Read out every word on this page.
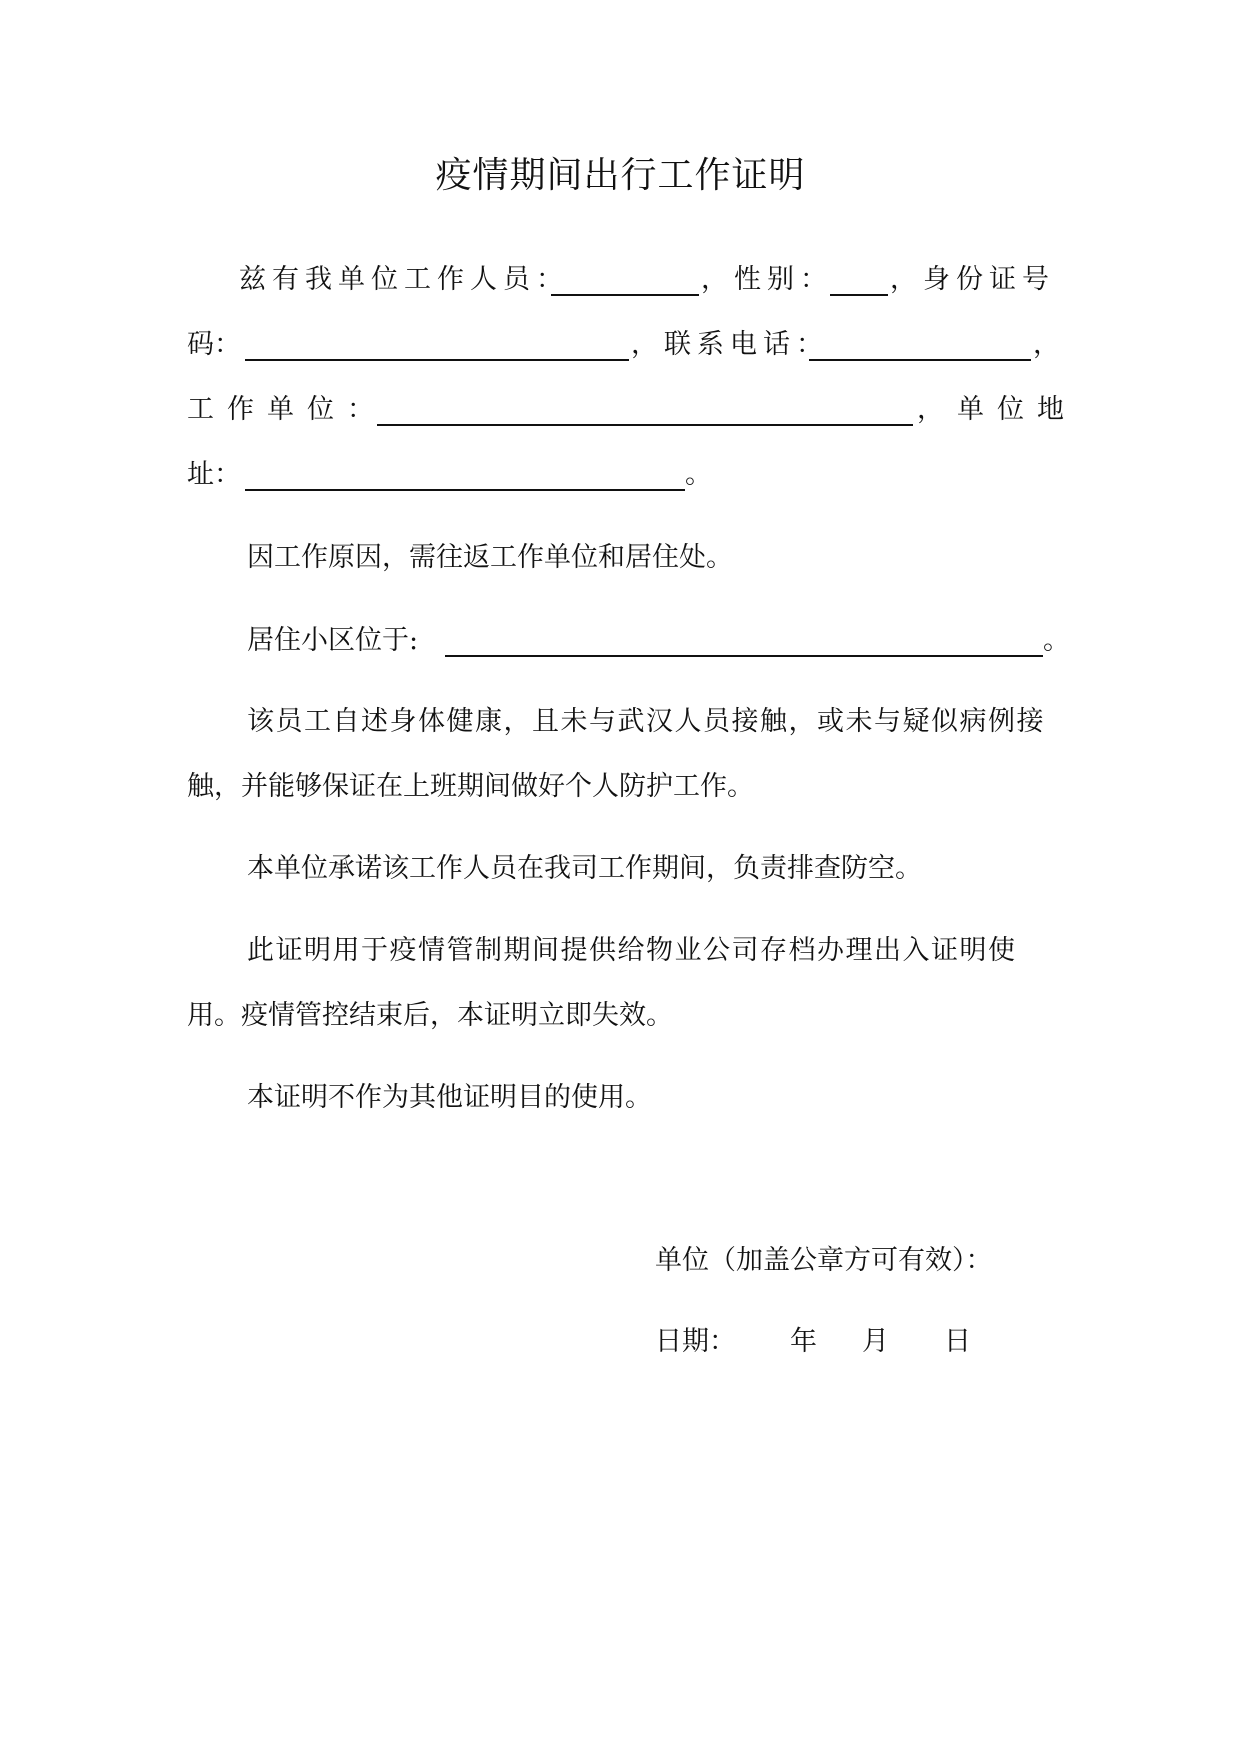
疫情期间出行工作证明
兹有我单位工作人员：	，性别： ，身份证号
码：	，联系电话：	，
工作单位：	，单位地
址：	。
因工作原因，需往返工作单位和居住处。
居住小区位于:	。
该员工自述身体健康，且未与武汉人员接触，或未与疑似病例接
触，并能够保证在上班期间做好个人防护工作。
本单位承诺该工作人员在我司工作期间，负责排查防空。
此证明用于疫情管制期间提供给物业公司存档办理出入证明使
用。疫情管控结束后，本证明立即失效。
本证明不作为其他证明目的使用。
单位（加盖公章方可有效）：
日期： 年 月 日
